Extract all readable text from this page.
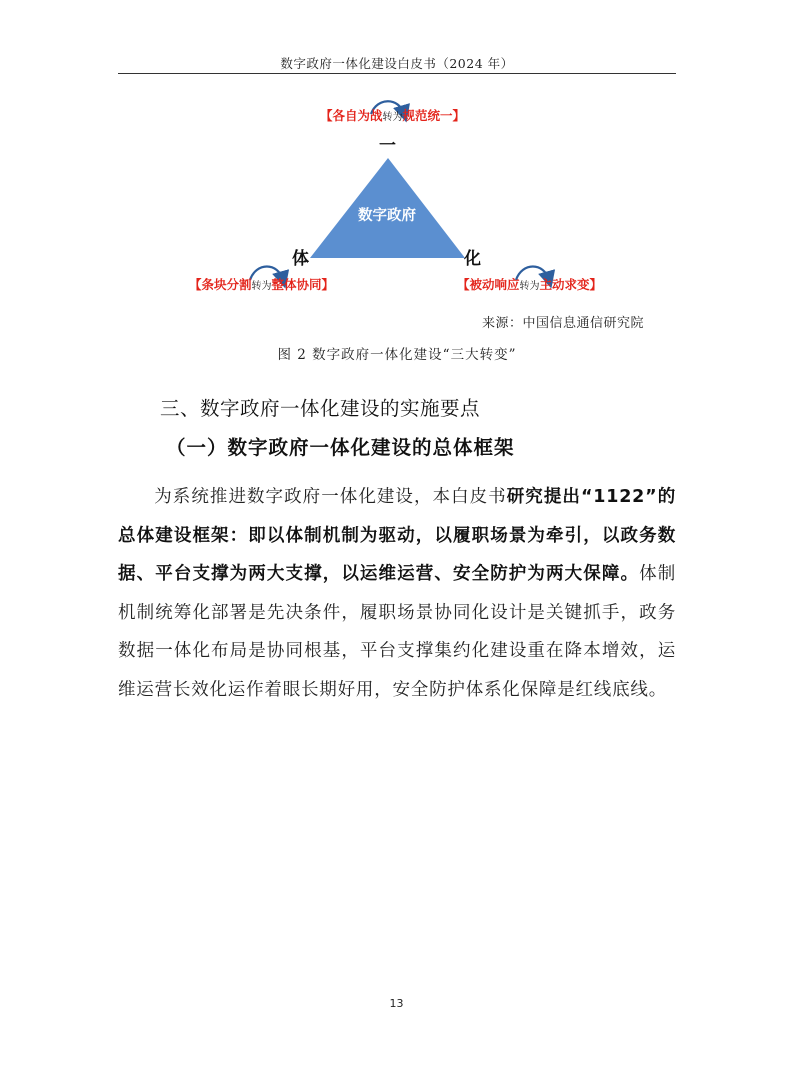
数字政府一体化建设白皮书（2024 年）
数字政府
一
体	化
【各自为战转为规范统一】
【条块分割转为整体协同】	【被动响应转为主动求变】
来源：中国信息通信研究院
图 2 数字政府一体化建设“三大转变”
三、数字政府一体化建设的实施要点
（一）数字政府一体化建设的总体框架
为系统推进数字政府一体化建设，本白皮书研究提出“1122”的总体建设框架：即以体制机制为驱动，以履职场景为牵引，以政务数据、平台支撑为两大支撑，以运维运营、安全防护为两大保障。体制机制统筹化部署是先决条件，履职场景协同化设计是关键抓手，政务数据一体化布局是协同根基，平台支撑集约化建设重在降本增效，运维运营长效化运作着眼长期好用，安全防护体系化保障是红线底线。
13
